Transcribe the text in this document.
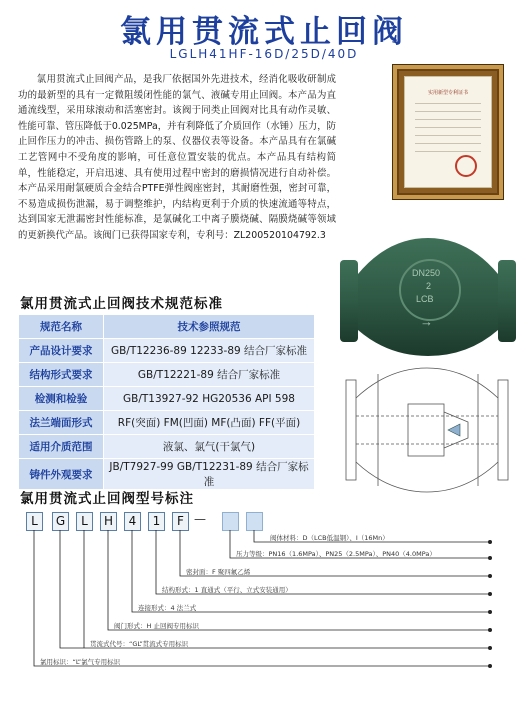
氯用贯流式止回阀
LGLH41HF-16D/25D/40D

氯用贯流式止回阀产品，是我厂依据国外先进技术，经消化吸收研制成功的最新型的具有一定微阻缓闭性能的氯气、液碱专用止回阀。本产品为直通流线型，采用球滚动和活塞密封。该阀于同类止回阀对比具有动作灵敏、性能可靠、管压降低于0.025MPa，并有利降低了介质回作（水锤）压力，防止回作压力的冲击、损伤管路上的泵、仪器仪表等设备。本产品具有在氯碱工艺管网中不受角度的影响，可任意位置安装的优点。本产品具有结构简单，性能稳定，开启迅速、具有使用过程中密封的磨损情况进行自动补偿。本产品采用耐氯硬质合金结合PTFE弹性阀座密封，其耐磨性强，密封可靠，不易造成损伤泄漏，易于调整维护，内结构更利于介质的快速流通等特点，达到国家无泄漏密封性能标准，是氯碱化工中离子膜烧碱、隔膜烧碱等领域的更新换代产品。该阀门已获得国家专利，专利号：ZL200520104792.3

实用新型专利证书
DN250
2
LCB
→
氯用贯流式止回阀技术规范标准
规范名称	技术参照规范
产品设计要求	GB/T12236-89 12233-89 结合厂家标准
结构形式要求	GB/T12221-89 结合厂家标准
检测和检验	GB/T13927-92 HG20536 API 598
法兰端面形式	RF(突面) FM(凹面) MF(凸面) FF(平面)
适用介质范围	液氯、氯气(干氯气)
铸件外观要求	JB/T7927-99 GB/T12231-89 结合厂家标准
氯用贯流式止回阀型号标注
L	G	L	H	4	1	F —
阀体材料：D（LCB低温钢）、I（16Mn）
压力等级：PN16（1.6MPa）、PN25（2.5MPa）、PN40（4.0MPa）
密封面：F 聚四氟乙烯
结构形式：1 直通式（平行、立式安装通用）
连接形式：4 法兰式
阀门形式：H 止回阀专用标识
贯流式代号：“GL”贯流式专用标识
氯用标识：“L”氯气专用标识
